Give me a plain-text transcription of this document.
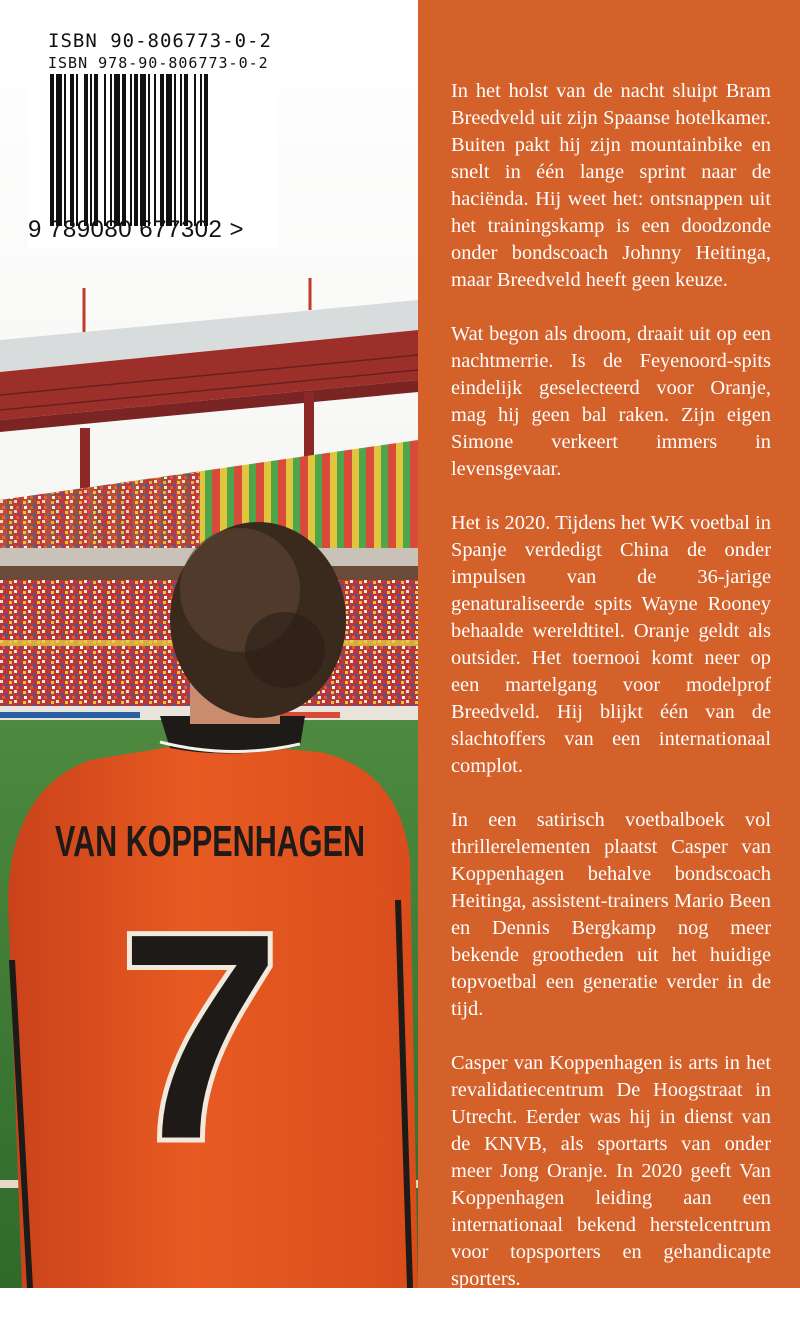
VAN KOPPENHAGEN
7
ISBN 90-806773-0-2
ISBN 978-90-806773-0-2
9 789080 677302 >

In het holst van de nacht sluipt Bram Breedveld uit zijn Spaanse hotelkamer. Buiten pakt hij zijn mountainbike en snelt in één lange sprint naar de haciënda. Hij weet het: ontsnappen uit het trainingskamp is een doodzonde onder bondscoach Johnny Heitinga, maar Breedveld heeft geen keuze.

Wat begon als droom, draait uit op een nachtmerrie. Is de Feyenoord-spits eindelijk geselecteerd voor Oranje, mag hij geen bal raken. Zijn eigen Simone verkeert immers in levensgevaar.

Het is 2020. Tijdens het WK voetbal in Spanje verdedigt China de onder impulsen van de 36-jarige genaturaliseerde spits Wayne Rooney behaalde wereldtitel. Oranje geldt als outsider. Het toernooi komt neer op een martelgang voor modelprof Breedveld. Hij blijkt één van de slachtoffers van een internationaal complot.

In een satirisch voetbalboek vol thrillerelementen plaatst Casper van Koppenhagen behalve bondscoach Heitinga, assistent-trainers Mario Been en Dennis Bergkamp nog meer bekende grootheden uit het huidige topvoetbal een generatie verder in de tijd.

Casper van Koppenhagen is arts in het revalidatiecentrum De Hoogstraat in Utrecht. Eerder was hij in dienst van de KNVB, als sportarts van onder meer Jong Oranje. In 2020 geeft Van Koppenhagen leiding aan een internationaal bekend herstelcentrum voor topsporters en gehandicapte sporters.
